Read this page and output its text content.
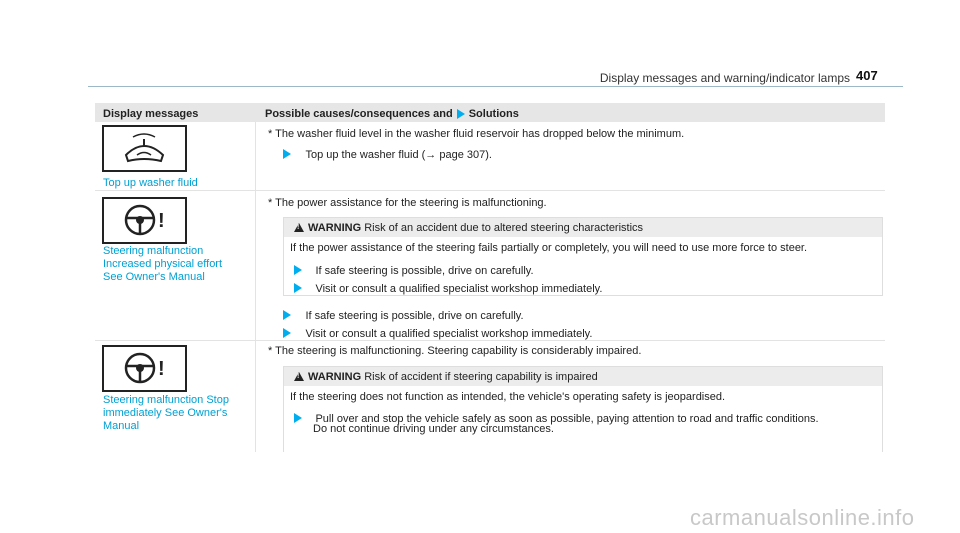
Display messages and warning/indicator lamps 407
Display messages	Possible causes/consequences and Solutions
Top up washer fluid
* The washer fluid level in the washer fluid reservoir has dropped below the minimum.
Top up the washer fluid (→ page 307).
!
Steering malfunction
Increased physical effort
See Owner's Manual
* The power assistance for the steering is malfunctioning.
!
WARNING Risk of an accident due to altered steering characteristics
If the power assistance of the steering fails partially or completely, you will need to use more force to steer.
If safe steering is possible, drive on carefully.
Visit or consult a qualified specialist workshop immediately.
If safe steering is possible, drive on carefully.
Visit or consult a qualified specialist workshop immediately.
!
Steering malfunction Stop
immediately See Owner's
Manual
* The steering is malfunctioning. Steering capability is considerably impaired.
!
WARNING Risk of accident if steering capability is impaired
If the steering does not function as intended, the vehicle's operating safety is jeopardised.
Pull over and stop the vehicle safely as soon as possible, paying attention to road and traffic conditions.
Do not continue driving under any circumstances.
carmanualsonline.info
